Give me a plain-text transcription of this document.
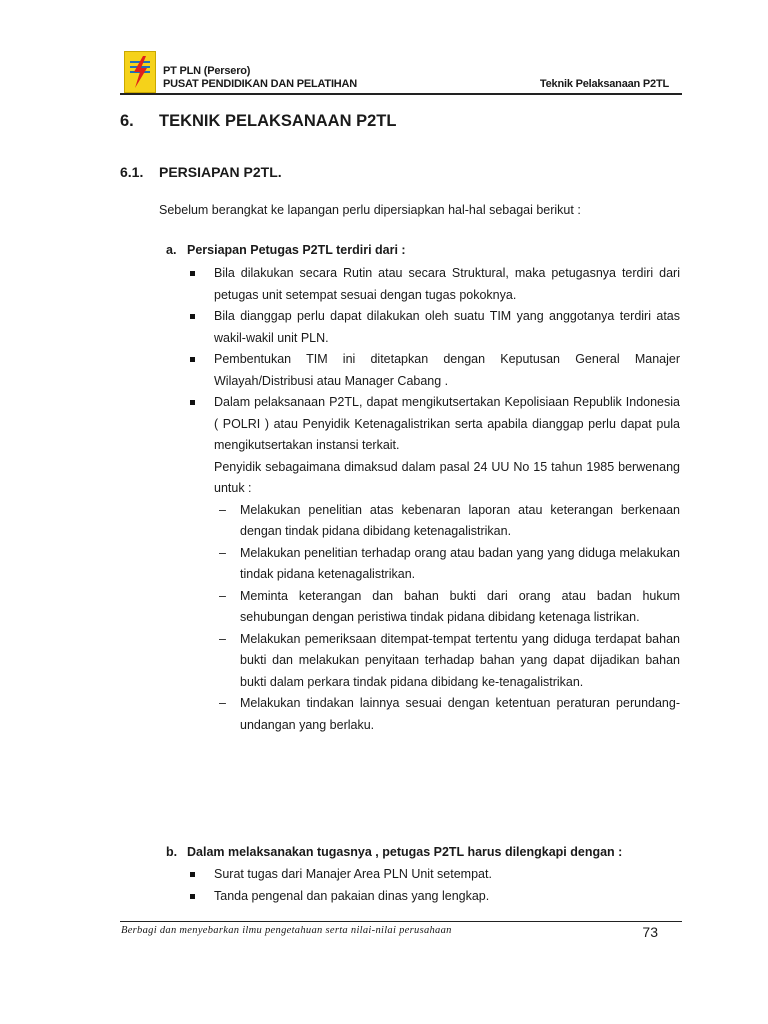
PT PLN (Persero)
PUSAT PENDIDIKAN DAN PELATIHAN	Teknik Pelaksanaan P2TL
6. TEKNIK PELAKSANAAN P2TL
6.1. PERSIAPAN P2TL.
Sebelum berangkat ke lapangan perlu dipersiapkan hal-hal sebagai berikut :
a. Persiapan Petugas P2TL terdiri dari :
Bila dilakukan secara Rutin atau secara Struktural, maka petugasnya terdiri dari petugas unit setempat sesuai dengan tugas pokoknya.
Bila dianggap perlu dapat dilakukan oleh suatu TIM yang anggotanya terdiri atas wakil-wakil unit PLN.
Pembentukan TIM ini ditetapkan dengan Keputusan General Manajer Wilayah/Distribusi atau Manager Cabang .
Dalam pelaksanaan P2TL, dapat mengikutsertakan Kepolisiaan Republik Indonesia ( POLRI ) atau Penyidik Ketenagalistrikan serta apabila dianggap perlu dapat pula mengikutsertakan instansi terkait.
Penyidik sebagaimana dimaksud dalam pasal 24 UU No 15 tahun 1985 berwenang untuk :
– Melakukan penelitian atas kebenaran laporan atau keterangan berkenaan dengan tindak pidana dibidang ketenagalistrikan.
– Melakukan penelitian terhadap orang atau badan yang yang diduga melakukan tindak pidana ketenagalistrikan.
– Meminta keterangan dan bahan bukti dari orang atau badan hukum sehubungan dengan peristiwa tindak pidana dibidang ketenaga listrikan.
– Melakukan pemeriksaan ditempat-tempat tertentu yang diduga terdapat bahan bukti dan melakukan penyitaan terhadap bahan yang dapat dijadikan bahan bukti dalam perkara tindak pidana dibidang ke-tenagalistrikan.
– Melakukan tindakan lainnya sesuai dengan ketentuan peraturan perundang-undangan yang berlaku.
b. Dalam melaksanakan tugasnya , petugas P2TL harus dilengkapi dengan :
Surat tugas dari Manajer Area PLN Unit setempat.
Tanda pengenal dan pakaian dinas yang lengkap.
Berbagi dan menyebarkan ilmu pengetahuan serta nilai-nilai perusahaan	73
